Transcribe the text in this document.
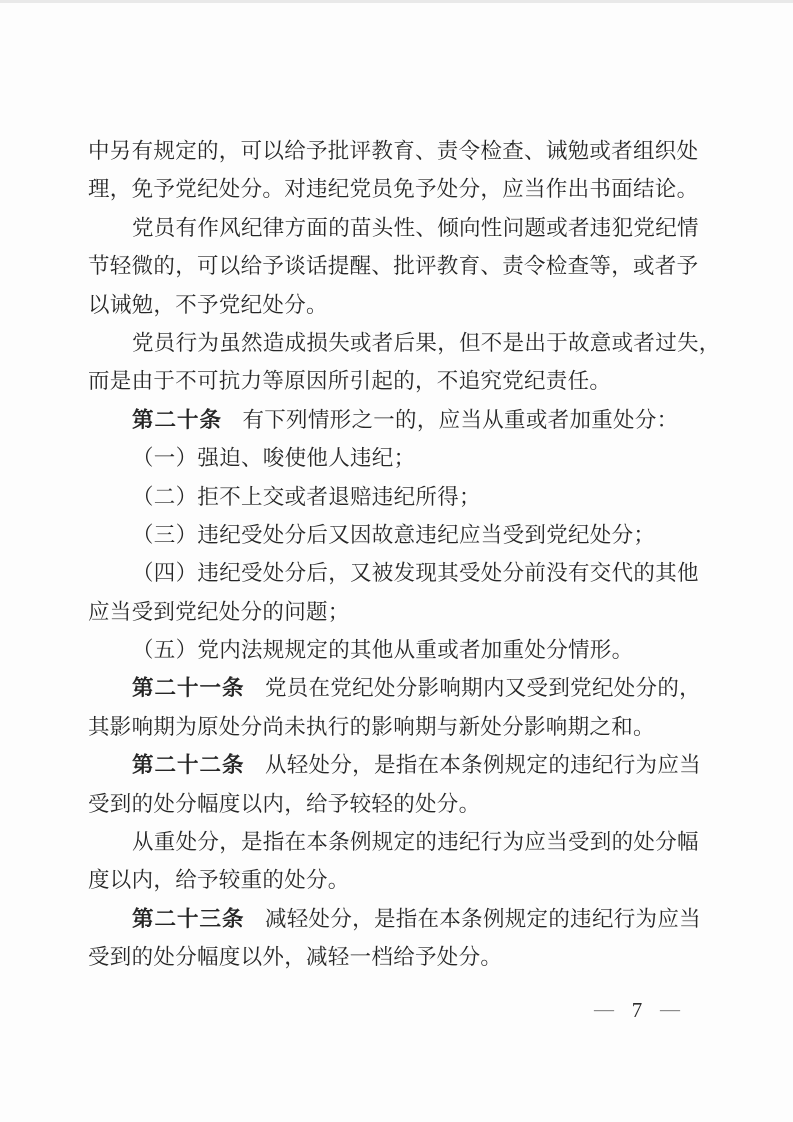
中另有规定的，可以给予批评教育、责令检查、诫勉或者组织处
理，免予党纪处分。对违纪党员免予处分，应当作出书面结论。
党员有作风纪律方面的苗头性、倾向性问题或者违犯党纪情
节轻微的，可以给予谈话提醒、批评教育、责令检查等，或者予
以诫勉，不予党纪处分。
党员行为虽然造成损失或者后果，但不是出于故意或者过失，
而是由于不可抗力等原因所引起的，不追究党纪责任。
第二十条 有下列情形之一的，应当从重或者加重处分：
（一）强迫、唆使他人违纪；
（二）拒不上交或者退赔违纪所得；
（三）违纪受处分后又因故意违纪应当受到党纪处分；
（四）违纪受处分后，又被发现其受处分前没有交代的其他
应当受到党纪处分的问题；
（五）党内法规规定的其他从重或者加重处分情形。
第二十一条 党员在党纪处分影响期内又受到党纪处分的，
其影响期为原处分尚未执行的影响期与新处分影响期之和。
第二十二条 从轻处分，是指在本条例规定的违纪行为应当
受到的处分幅度以内，给予较轻的处分。
从重处分，是指在本条例规定的违纪行为应当受到的处分幅
度以内，给予较重的处分。
第二十三条 减轻处分，是指在本条例规定的违纪行为应当
受到的处分幅度以外，减轻一档给予处分。
— 7 —
